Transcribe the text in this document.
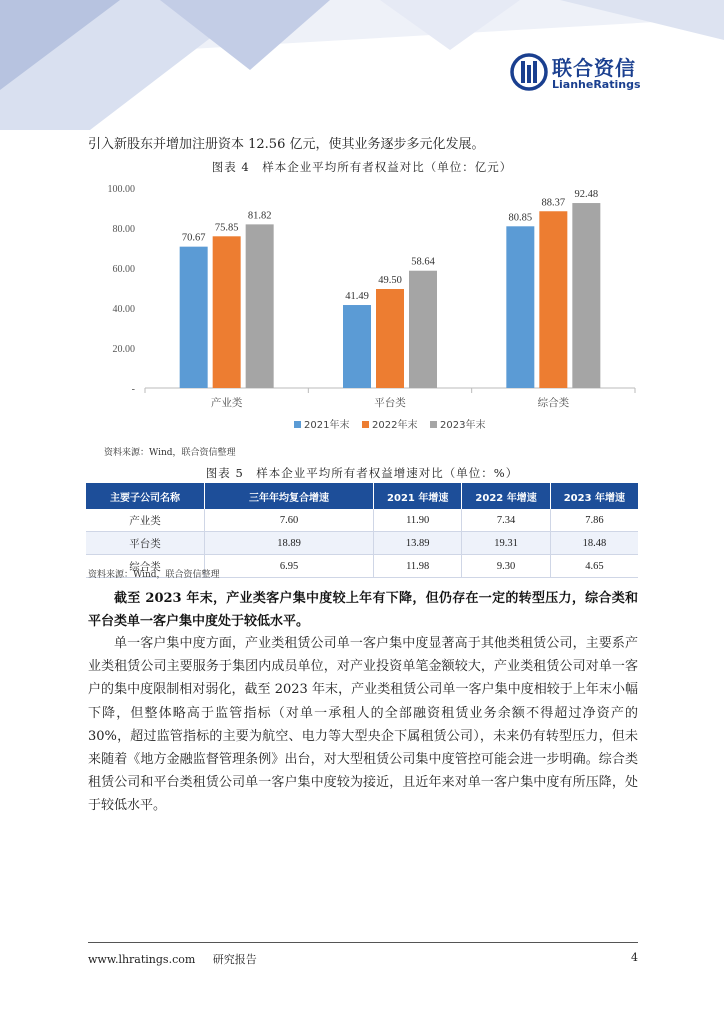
联合资信
LianheRatings
引入新股东并增加注册资本 12.56 亿元，使其业务逐步多元化发展。
图表 4　样本企业平均所有者权益对比（单位：亿元）
-
20.00
40.00
60.00
80.00
100.00
70.67
75.85
81.82
产业类
41.49
49.50
58.64
平台类
80.85
88.37
92.48
综合类
2021年末 2022年末 2023年末
资料来源：Wind，联合资信整理
图表 5　样本企业平均所有者权益增速对比（单位：%）
主要子公司名称	三年年均复合增速	2021 年增速	2022 年增速	2023 年增速
产业类	7.60	11.90	7.34	7.86
平台类	18.89	13.89	19.31	18.48
综合类	6.95	11.98	9.30	4.65
资料来源：Wind，联合资信整理
截至 2023 年末，产业类客户集中度较上年有下降，但仍存在一定的转型压力，综合类和平台类单一客户集中度处于较低水平。
单一客户集中度方面，产业类租赁公司单一客户集中度显著高于其他类租赁公司，主要系产业类租赁公司主要服务于集团内成员单位，对产业投资单笔金额较大，产业类租赁公司对单一客户的集中度限制相对弱化，截至 2023 年末，产业类租赁公司单一客户集中度相较于上年末小幅下降，但整体略高于监管指标（对单一承租人的全部融资租赁业务余额不得超过净资产的 30%，超过监管指标的主要为航空、电力等大型央企下属租赁公司），未来仍有转型压力，但未来随着《地方金融监督管理条例》出台，对大型租赁公司集中度管控可能会进一步明确。综合类租赁公司和平台类租赁公司单一客户集中度较为接近，且近年来对单一客户集中度有所压降，处于较低水平。
www.lhratings.com 研究报告	4
